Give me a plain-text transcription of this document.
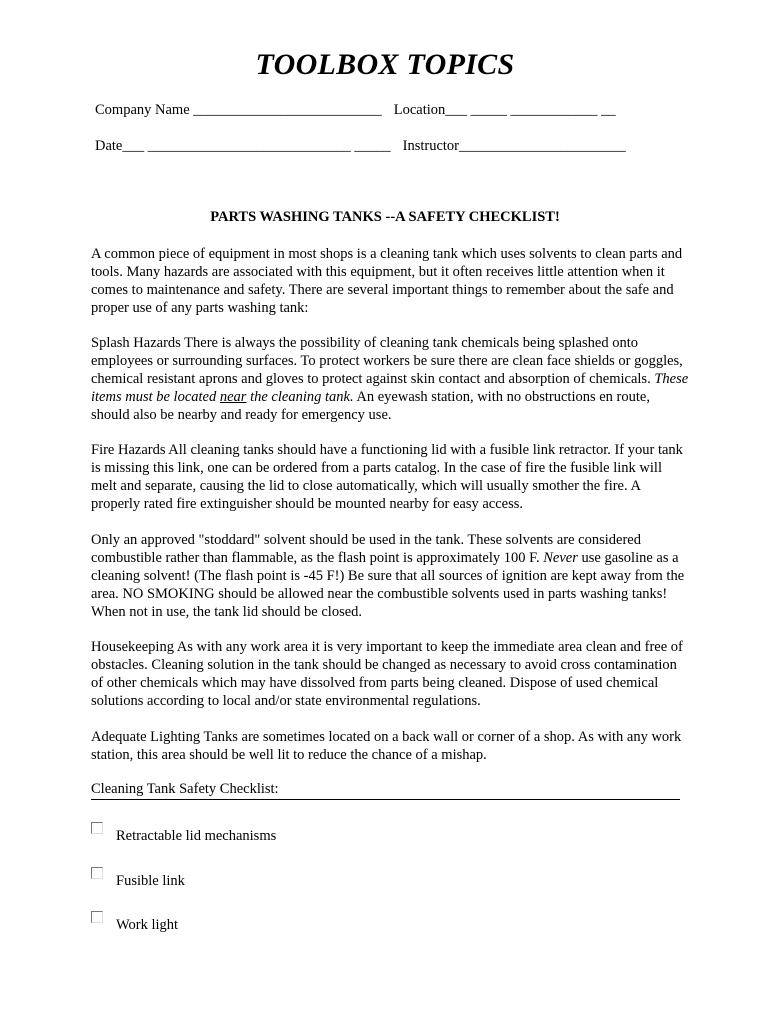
TOOLBOX TOPICS
Company Name __________________________ Location___ _____ ____________ __
Date___ ____________________________ _____ Instructor_______________________
PARTS WASHING TANKS --A SAFETY CHECKLIST!

A common piece of equipment in most shops is a cleaning tank which uses solvents to clean parts and tools. Many hazards are associated with this equipment, but it often receives little attention when it comes to maintenance and safety. There are several important things to remember about the safe and proper use of any parts washing tank:

Splash Hazards There is always the possibility of cleaning tank chemicals being splashed onto employees or surrounding surfaces. To protect workers be sure there are clean face shields or goggles, chemical resistant aprons and gloves to protect against skin contact and absorption of chemicals. These items must be located near the cleaning tank. An eyewash station, with no obstructions en route, should also be nearby and ready for emergency use.

Fire Hazards All cleaning tanks should have a functioning lid with a fusible link retractor. If your tank is missing this link, one can be ordered from a parts catalog. In the case of fire the fusible link will melt and separate, causing the lid to close automatically, which will usually smother the fire. A properly rated fire extinguisher should be mounted nearby for easy access.

Only an approved "stoddard" solvent should be used in the tank. These solvents are considered combustible rather than flammable, as the flash point is approximately 100 F. Never use gasoline as a cleaning solvent! (The flash point is -45 F!) Be sure that all sources of ignition are kept away from the area. NO SMOKING should be allowed near the combustible solvents used in parts washing tanks! When not in use, the tank lid should be closed.

Housekeeping As with any work area it is very important to keep the immediate area clean and free of obstacles. Cleaning solution in the tank should be changed as necessary to avoid cross contamination of other chemicals which may have dissolved from parts being cleaned. Dispose of used chemical solutions according to local and/or state environmental regulations.

Adequate Lighting Tanks are sometimes located on a back wall or corner of a shop. As with any work station, this area should be well lit to reduce the chance of a mishap.

Cleaning Tank Safety Checklist:
Retractable lid mechanisms
Fusible link
Work light
